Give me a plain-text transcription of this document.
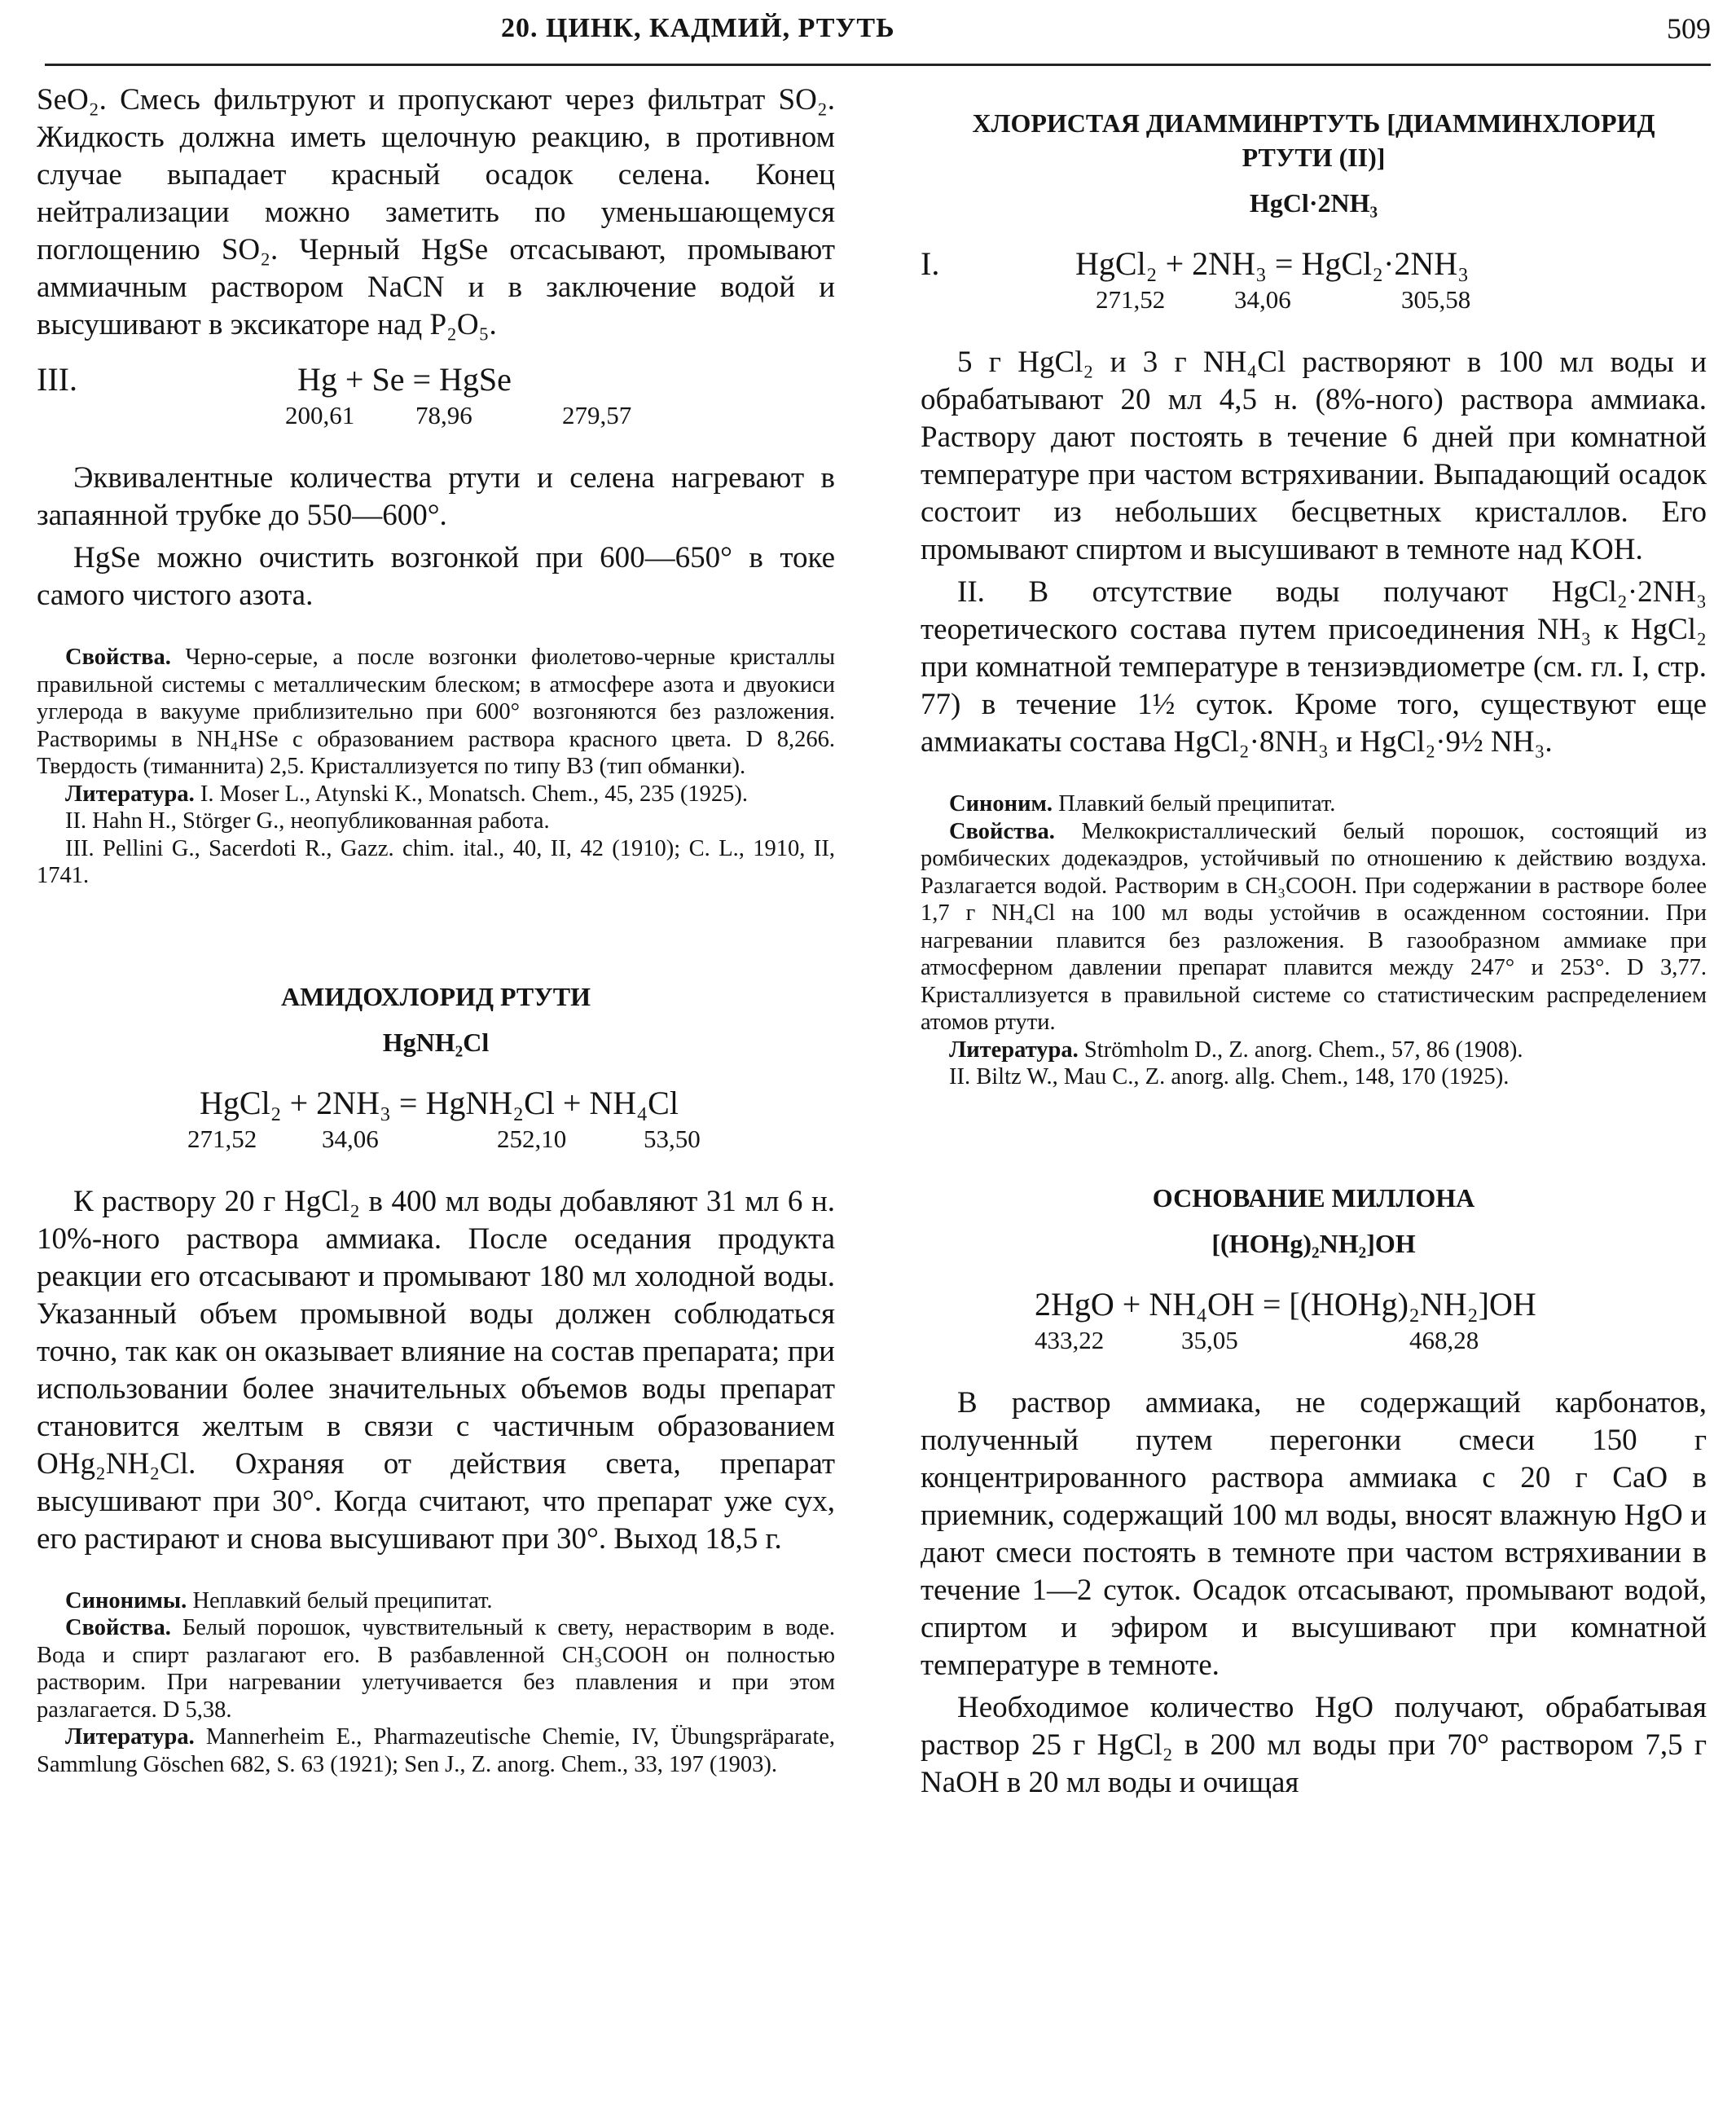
20. ЦИНК, КАДМИЙ, РТУТЬ	509

SeO₂. Смесь фильтруют и пропускают через фильтрат SO₂. Жидкость должна иметь щелочную реакцию, в противном случае выпадает красный осадок селена. Конец нейтрализации можно заметить по уменьшающемуся поглощению SO₂. Черный HgSe отсасывают, промывают аммиачным раствором NaCN и в заключение водой и высушивают в эксикаторе над P₂O₅.

III.	Hg + Se = HgSe
200,61 78,96	279,57

Эквивалентные количества ртути и селена нагревают в запаянной трубке до 550—600°.

HgSe можно очистить возгонкой при 600—650° в токе самого чистого азота.

Свойства. Черно-серые, а после возгонки фиолетово-черные кристаллы правильной системы с металлическим блеском; в атмосфере азота и двуокиси углерода в вакууме приблизительно при 600° возгоняются без разложения. Растворимы в NH₄HSe с образованием раствора красного цвета. D 8,266. Твердость (тиманнита) 2,5. Кристаллизуется по типу B3 (тип обманки).

Литература. I. Moser L., Atynski K., Monatsch. Chem., 45, 235 (1925).

II. Hahn H., Störger G., неопубликованная работа.

III. Pellini G., Sacerdoti R., Gazz. chim. ital., 40, II, 42 (1910); C. L., 1910, II, 1741.

АМИДОХЛОРИД РТУТИ

HgNH₂Cl

HgCl₂ + 2NH₃ = HgNH₂Cl + NH₄Cl
271,52	34,06	252,10	53,50

К раствору 20 г HgCl₂ в 400 мл воды добавляют 31 мл 6 н. 10%-ного раствора аммиака. После оседания продукта реакции его отсасывают и промывают 180 мл холодной воды. Указанный объем промывной воды должен соблюдаться точно, так как он оказывает влияние на состав препарата; при использовании более значительных объемов воды препарат становится желтым в связи с частичным образованием OHg₂NH₂Cl. Охраняя от действия света, препарат высушивают при 30°. Когда считают, что препарат уже сух, его растирают и снова высушивают при 30°. Выход 18,5 г.

Синонимы. Неплавкий белый преципитат.

Свойства. Белый порошок, чувствительный к свету, нерастворим в воде. Вода и спирт разлагают его. В разбавленной CH₃COOH он полностью растворим. При нагревании улетучивается без плавления и при этом разлагается. D 5,38.

Литература. Mannerheim E., Pharmazeutische Chemie, IV, Übungspräparate, Sammlung Göschen 682, S. 63 (1921); Sen J., Z. anorg. Chem., 33, 197 (1903).

ХЛОРИСТАЯ ДИАММИНРТУТЬ [ДИАММИНХЛОРИД

РТУТИ (II)]

HgCl·2NH₃

I.	HgCl₂ + 2NH₃ = HgCl₂·2NH₃
271,52	34,06	305,58

5 г HgCl₂ и 3 г NH₄Cl растворяют в 100 мл воды и обрабатывают 20 мл 4,5 н. (8%-ного) раствора аммиака. Раствору дают постоять в течение 6 дней при комнатной температуре при частом встряхивании. Выпадающий осадок состоит из небольших бесцветных кристаллов. Его промывают спиртом и высушивают в темноте над KOH.

II. В отсутствие воды получают HgCl₂·2NH₃ теоретического состава путем присоединения NH₃ к HgCl₂ при комнатной температуре в тензиэвдиометре (см. гл. I, стр. 77) в течение 1½ суток. Кроме того, существуют еще аммиакаты состава HgCl₂·8NH₃ и HgCl₂·9½ NH₃.

Синоним. Плавкий белый преципитат.

Свойства. Мелкокристаллический белый порошок, состоящий из ромбических додекаэдров, устойчивый по отношению к действию воздуха. Разлагается водой. Растворим в CH₃COOH. При содержании в растворе более 1,7 г NH₄Cl на 100 мл воды устойчив в осажденном состоянии. При нагревании плавится без разложения. В газообразном аммиаке при атмосферном давлении препарат плавится между 247° и 253°. D 3,77. Кристаллизуется в правильной системе со статистическим распределением атомов ртути.

Литература. Strömholm D., Z. anorg. Chem., 57, 86 (1908).

II. Biltz W., Mau C., Z. anorg. allg. Chem., 148, 170 (1925).

ОСНОВАНИЕ МИЛЛОНА

[(HOHg)₂NH₂]OH

2HgO + NH₄OH = [(HOHg)₂NH₂]OH
433,22	35,05	468,28

В раствор аммиака, не содержащий карбонатов, полученный путем перегонки смеси 150 г концентрированного раствора аммиака с 20 г CaO в приемник, содержащий 100 мл воды, вносят влажную HgO и дают смеси постоять в темноте при частом встряхивании в течение 1—2 суток. Осадок отсасывают, промывают водой, спиртом и эфиром и высушивают при комнатной температуре в темноте.

Необходимое количество HgO получают, обрабатывая раствор 25 г HgCl₂ в 200 мл воды при 70° раствором 7,5 г NaOH в 20 мл воды и очищая
